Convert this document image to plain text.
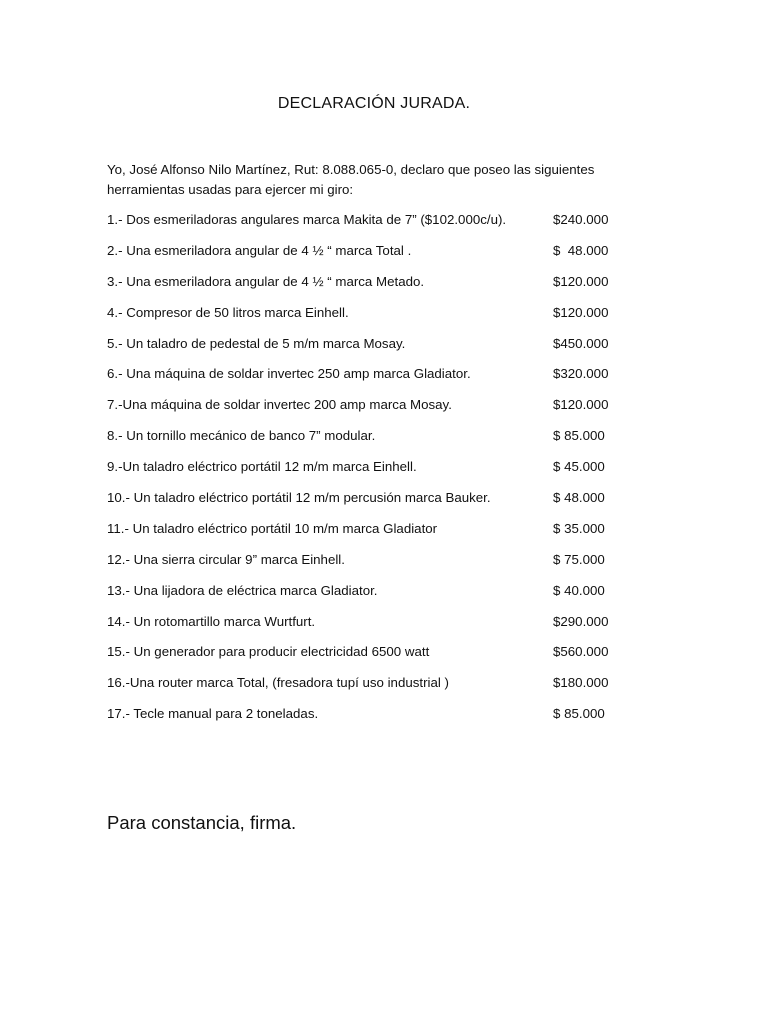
DECLARACIÓN JURADA.
Yo, José Alfonso Nilo Martínez, Rut: 8.088.065-0, declaro que poseo las siguientes
herramientas usadas para ejercer mi giro:
1.- Dos esmeriladoras angulares marca Makita de 7” ($102.000c/u).	$240.000
2.- Una esmeriladora angular de 4 ½ “ marca Total .	$  48.000
3.- Una esmeriladora angular de 4 ½ “ marca Metado.	$120.000
4.- Compresor de 50 litros marca Einhell.	$120.000
5.- Un taladro de pedestal de 5 m/m marca Mosay.	$450.000
6.- Una máquina de soldar invertec 250 amp marca Gladiator.	$320.000
7.-Una máquina de soldar invertec 200 amp marca Mosay.	$120.000
8.- Un tornillo mecánico de banco 7” modular.	$ 85.000
9.-Un taladro eléctrico portátil 12 m/m marca Einhell.	$ 45.000
10.- Un taladro eléctrico portátil 12 m/m percusión marca Bauker.	$ 48.000
11.- Un taladro eléctrico portátil 10 m/m marca Gladiator	$ 35.000
12.- Una sierra circular 9” marca Einhell.	$ 75.000
13.- Una lijadora de eléctrica marca Gladiator.	$ 40.000
14.- Un rotomartillo marca Wurtfurt.	$290.000
15.- Un generador para producir electricidad 6500 watt	$560.000
16.-Una router marca Total, (fresadora tupí uso industrial )	$180.000
17.- Tecle manual para 2 toneladas.	$ 85.000
Para constancia, firma.
